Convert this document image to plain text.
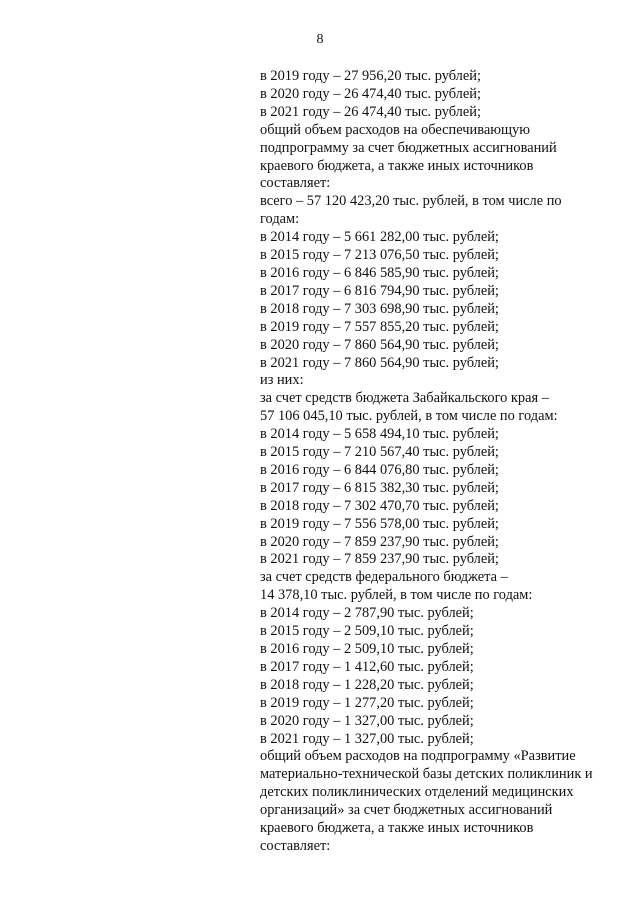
8
в 2019 году – 27 956,20 тыс. рублей;
в 2020 году – 26 474,40 тыс. рублей;
в 2021 году – 26 474,40 тыс. рублей;
общий объем расходов на обеспечивающую
подпрограмму за счет бюджетных ассигнований
краевого бюджета, а также иных источников
составляет:
всего – 57 120 423,20 тыс. рублей, в том числе по
годам:
в 2014 году – 5 661 282,00 тыс. рублей;
в 2015 году – 7 213 076,50 тыс. рублей;
в 2016 году – 6 846 585,90 тыс. рублей;
в 2017 году – 6 816 794,90 тыс. рублей;
в 2018 году – 7 303 698,90 тыс. рублей;
в 2019 году – 7 557 855,20 тыс. рублей;
в 2020 году – 7 860 564,90 тыс. рублей;
в 2021 году – 7 860 564,90 тыс. рублей;
из них:
за счет средств бюджета Забайкальского края –
57 106 045,10 тыс. рублей, в том числе по годам:
в 2014 году – 5 658 494,10 тыс. рублей;
в 2015 году – 7 210 567,40 тыс. рублей;
в 2016 году – 6 844 076,80 тыс. рублей;
в 2017 году – 6 815 382,30 тыс. рублей;
в 2018 году – 7 302 470,70 тыс. рублей;
в 2019 году – 7 556 578,00 тыс. рублей;
в 2020 году – 7 859 237,90 тыс. рублей;
в 2021 году – 7 859 237,90 тыс. рублей;
за счет средств федерального бюджета –
14 378,10 тыс. рублей, в том числе по годам:
в 2014 году – 2 787,90 тыс. рублей;
в 2015 году – 2 509,10 тыс. рублей;
в 2016 году – 2 509,10 тыс. рублей;
в 2017 году – 1 412,60 тыс. рублей;
в 2018 году – 1 228,20 тыс. рублей;
в 2019 году – 1 277,20 тыс. рублей;
в 2020 году – 1 327,00 тыс. рублей;
в 2021 году – 1 327,00 тыс. рублей;
общий объем расходов на подпрограмму «Развитие
материально-технической базы детских поликлиник и
детских поликлинических отделений медицинских
организаций» за счет бюджетных ассигнований
краевого бюджета, а также иных источников
составляет:
